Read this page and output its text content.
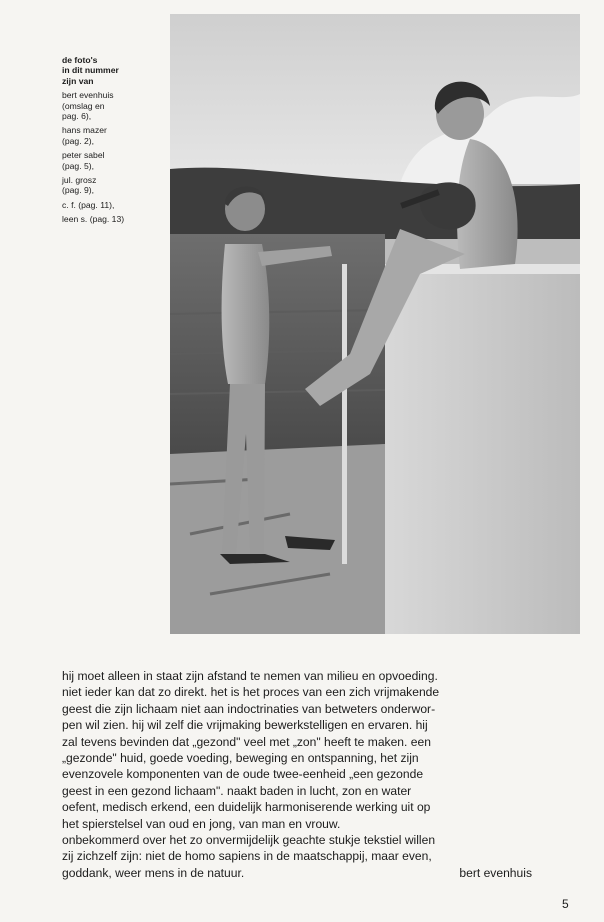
de foto's
in dit nummer
zijn van
bert evenhuis
(omslag en
pag. 6),
hans mazer
(pag. 2),
peter sabel
(pag. 5),
jul. grosz
(pag. 9),
c. f. (pag. 11),
leen s. (pag. 13)
hij moet alleen in staat zijn afstand te nemen van milieu en opvoeding.
niet ieder kan dat zo direkt. het is het proces van een zich vrijmakende
geest die zijn lichaam niet aan indoctrinaties van betweters onderwor-
pen wil zien. hij wil zelf die vrijmaking bewerkstelligen en ervaren. hij
zal tevens bevinden dat „gezond" veel met „zon" heeft te maken. een
„gezonde" huid, goede voeding, beweging en ontspanning, het zijn
evenzovele komponenten van de oude twee-eenheid „een gezonde
geest in een gezond lichaam". naakt baden in lucht, zon en water
oefent, medisch erkend, een duidelijk harmoniserende werking uit op
het spierstelsel van oud en jong, van man en vrouw.
onbekommerd over het zo onvermijdelijk geachte stukje tekstiel willen
zij zichzelf zijn: niet de homo sapiens in de maatschappij, maar even,
goddank, weer mens in de natuur.	bert evenhuis
5
